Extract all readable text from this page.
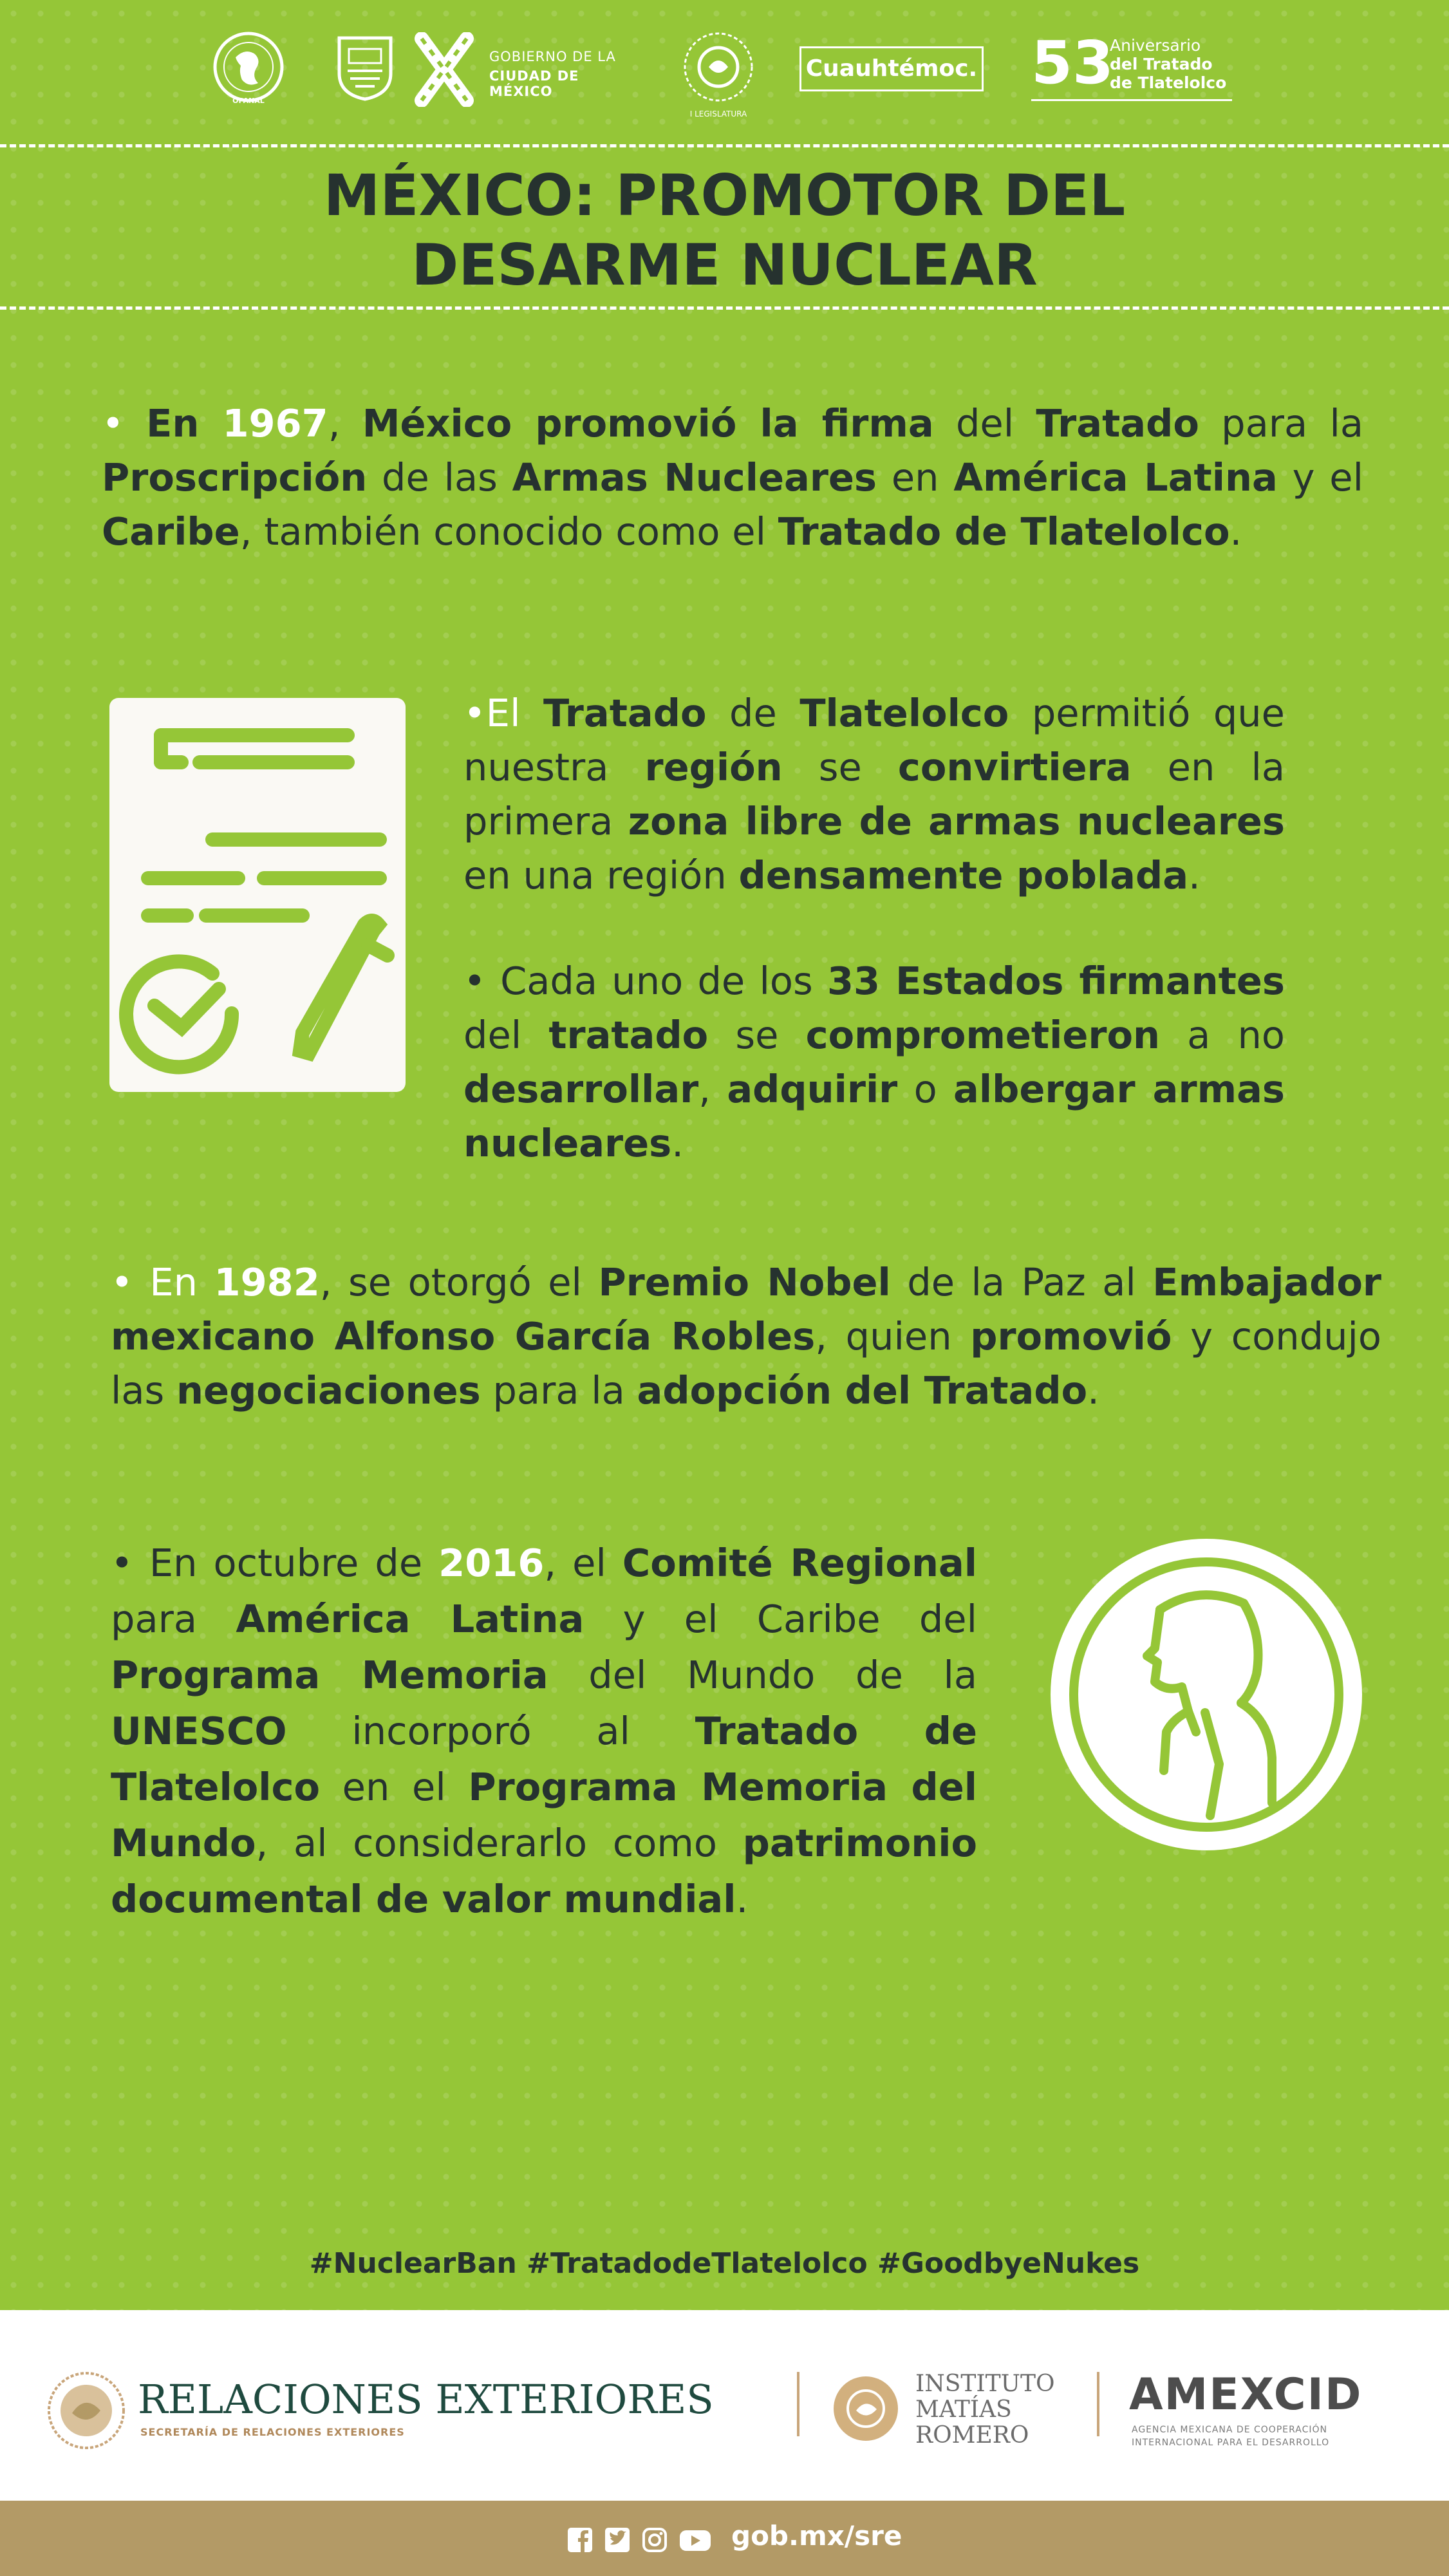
OPANAL
GOBIERNO DE LA
CIUDAD DE MÉXICO
I LEGISLATURA
Cuauhtémoc. 53
Aniversario
del Tratado
de Tlatelolco
MÉXICO: PROMOTOR DEL
DESARME NUCLEAR
• En 1967, México promovió la firma del Tratado para la Proscripción de las Armas Nucleares en América Latina y el Caribe, también conocido como el Tratado de Tlatelolco.
•El Tratado de Tlatelolco permitió que nuestra región se convirtiera en la primera zona libre de armas nucleares en una región densamente poblada.
• Cada uno de los 33 Estados firmantes del tratado se comprometieron a no desarrollar, adquirir o albergar armas nucleares.
• En 1982, se otorgó el Premio Nobel de la Paz al Embajador mexicano Alfonso García Robles, quien promovió y condujo las negociaciones para la adopción del Tratado.
• En octubre de 2016, el Comité Regional para América Latina y el Caribe del Programa Memoria del Mundo de la UNESCO incorporó al Tratado de Tlatelolco en el Programa Memoria del Mundo, al considerarlo como patrimonio documental de valor mundial.
#NuclearBan #TratadodeTlatelolco #GoodbyeNukes
RELACIONES EXTERIORES
SECRETARÍA DE RELACIONES EXTERIORES
INSTITUTO
MATÍAS
ROMERO
AMEXCID
AGENCIA MEXICANA DE COOPERACIÓN
INTERNACIONAL PARA EL DESARROLLO
gob.mx/sre
